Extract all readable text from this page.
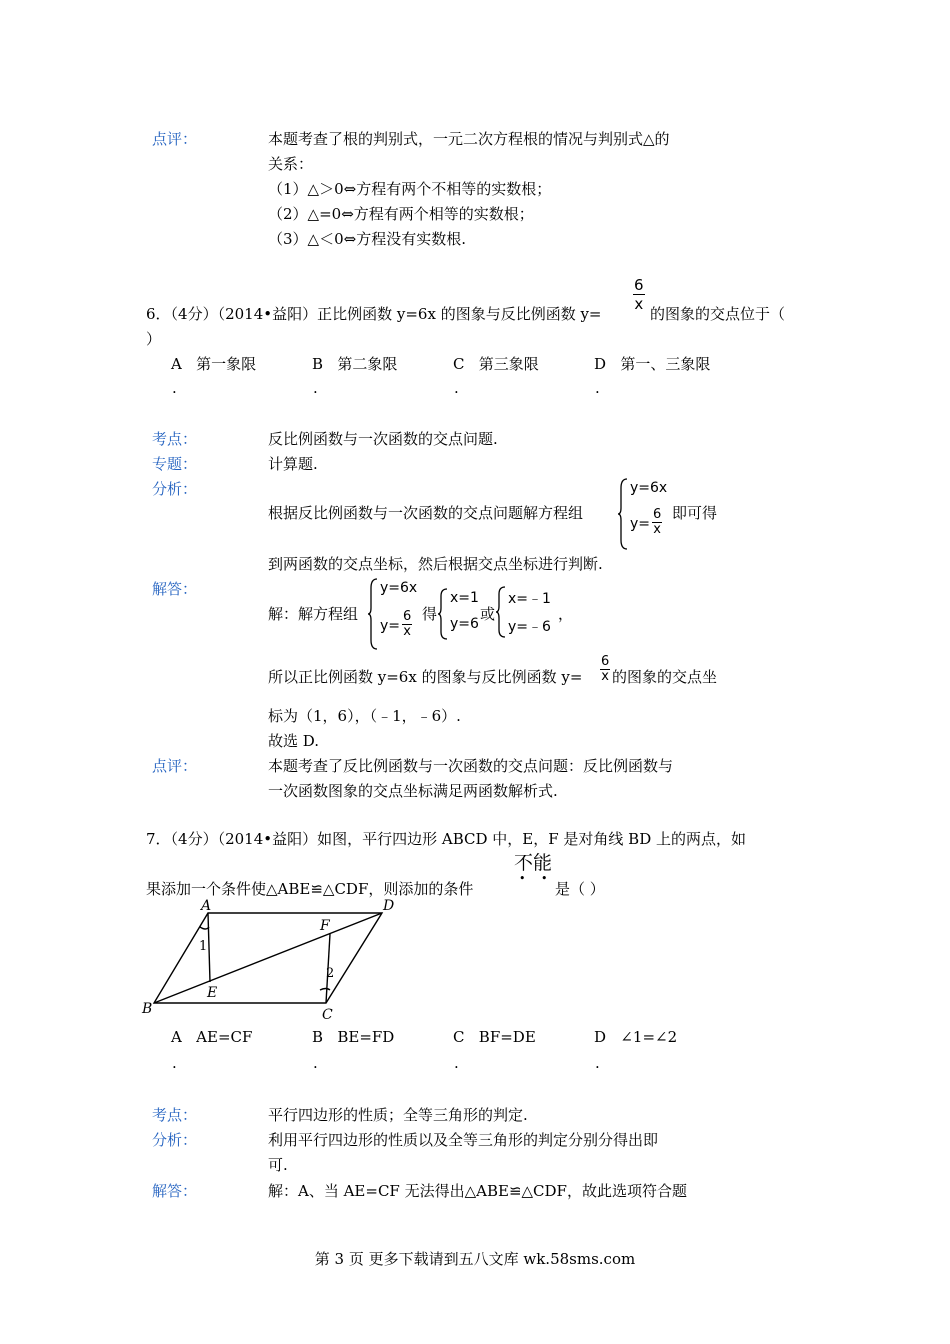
点评：	本题考查了根的判别式，一元二次方程根的情况与判别式△的
关系：
（1）△＞0⇔方程有两个不相等的实数根；
（2）△=0⇔方程有两个相等的实数根；
（3）△＜0⇔方程没有实数根.
6．（4分）（2014•益阳）正比例函数 y=6x 的图象与反比例函数 y=
$\frac{6}{x}$
的图象的交点位于（
）
A 第一象限	B 第二象限	C 第三象限	D 第一、三象限
.	.	.	.
考点：	反比例函数与一次函数的交点问题.
专题：	计算题.
分析：
根据反比例函数与一次函数的交点问题解方程组
y=6x
$y= \frac{6}{x}$ 即可得
到两函数的交点坐标，然后根据交点坐标进行判断.
解答：
解：解方程组
y=6x
$y= \frac{6}{x}$ 得
x=1
y=6
或
x=﹣1
y=﹣6
，
所以正比例函数 y=6x 的图象与反比例函数 $y= \frac{6}{x}$ 的图象的交点坐
标为（1，6），（﹣1，﹣6）.
故选 D.
点评：	本题考查了反比例函数与一次函数的交点问题：反比例函数与
一次函数图象的交点坐标满足两函数解析式.
7．（4分）（2014•益阳）如图，平行四边形 ABCD 中，E，F 是对角线 BD 上的两点，如
不能
• •
果添加一个条件使△ABE≌△CDF，则添加的条件	是（ ）
A	D
B	C
E
F
1
2
A AE=CF	B BE=FD	C BF=DE	D ∠1=∠2
.	.	.	.
考点：	平行四边形的性质；全等三角形的判定.
分析：	利用平行四边形的性质以及全等三角形的判定分别分得出即
可.
解答：	解：A、当 AE=CF 无法得出△ABE≌△CDF，故此选项符合题
第 3 页 更多下载请到五八文库 wk.58sms.com
